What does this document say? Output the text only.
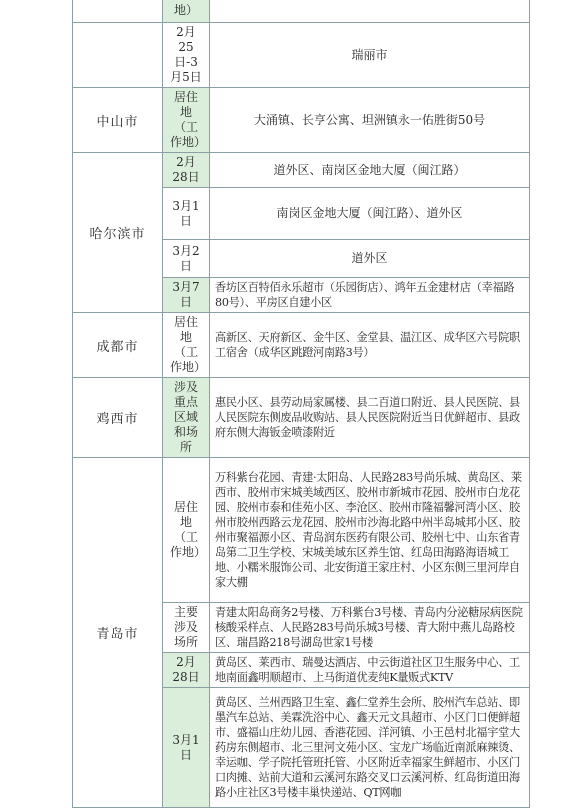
	地）	
	2月25日-3月5日	瑞丽市
中山市	居住地（工作地）	大涌镇、长亨公寓、坦洲镇永一佑胜街50号
哈尔滨市	2月28日	道外区、南岗区金地大厦（闽江路）
	3月1日	南岗区金地大厦（闽江路）、道外区
	3月2日	道外区
	3月7日	香坊区百特佰永乐超市（乐园街店）、鸿年五金建材店（幸福路80号）、平房区自建小区
成都市	居住地（工作地）	高新区、天府新区、金牛区、金堂县、温江区、成华区六号院职工宿舍（成华区跳蹬河南路3号）
鸡西市	涉及重点区域和场所	惠民小区、县劳动局家属楼、县二百道口附近、县人民医院、县人民医院东侧废品收购站、县人民医院附近当日优鲜超市、县政府东侧大海钣金喷漆附近
青岛市	居住地（工作地）	万科紫台花园、青建·太阳岛、人民路283号尚乐城、黄岛区、莱西市、胶州市宋城美域西区、胶州市新城市花园、胶州市白龙花园、胶州市泰和佳苑小区、李沧区、胶州市隆福馨河湾小区、胶州市胶州西路云龙花园、胶州市沙海北路中州半岛城邦小区、胶州市聚福源小区、青岛润东医药有限公司、胶州七中、山东省青岛第二卫生学校、宋城美域东区养生馆、红岛田海路海语城工地、小糯米服饰公司、北安街道王家庄村、小区东侧三里河岸自家大棚
	主要涉及场所	青建太阳岛商务2号楼、万科紫台3号楼、青岛内分泌糖尿病医院核酸采样点、人民路283号尚乐城3号楼、青大附中燕儿岛路校区、瑞昌路218号湖岛世家1号楼
	2月28日	黄岛区、莱西市、瑞曼达酒店、中云街道社区卫生服务中心、工地南面鑫明顺超市、上马街道优麦纯K量贩式KTV
	3月1日	黄岛区、兰州西路卫生室、鑫仁堂养生会所、胶州汽车总站、即墨汽车总站、美霖洗浴中心、鑫天元文具超市、小区门口便鲜超市、盛福山庄幼儿园、香港花园、洋河镇、小王邑村北福宇堂大药房东侧超市、北三里河文苑小区、宝龙广场临近南派麻辣烫、幸运咖、学子院托管班托管、小区附近幸福家生鲜超市、小区门口肉摊、站前大道和云溪河东路交叉口云溪河桥、红岛街道田海路小庄社区3号楼丰巢快递站、QT网咖
